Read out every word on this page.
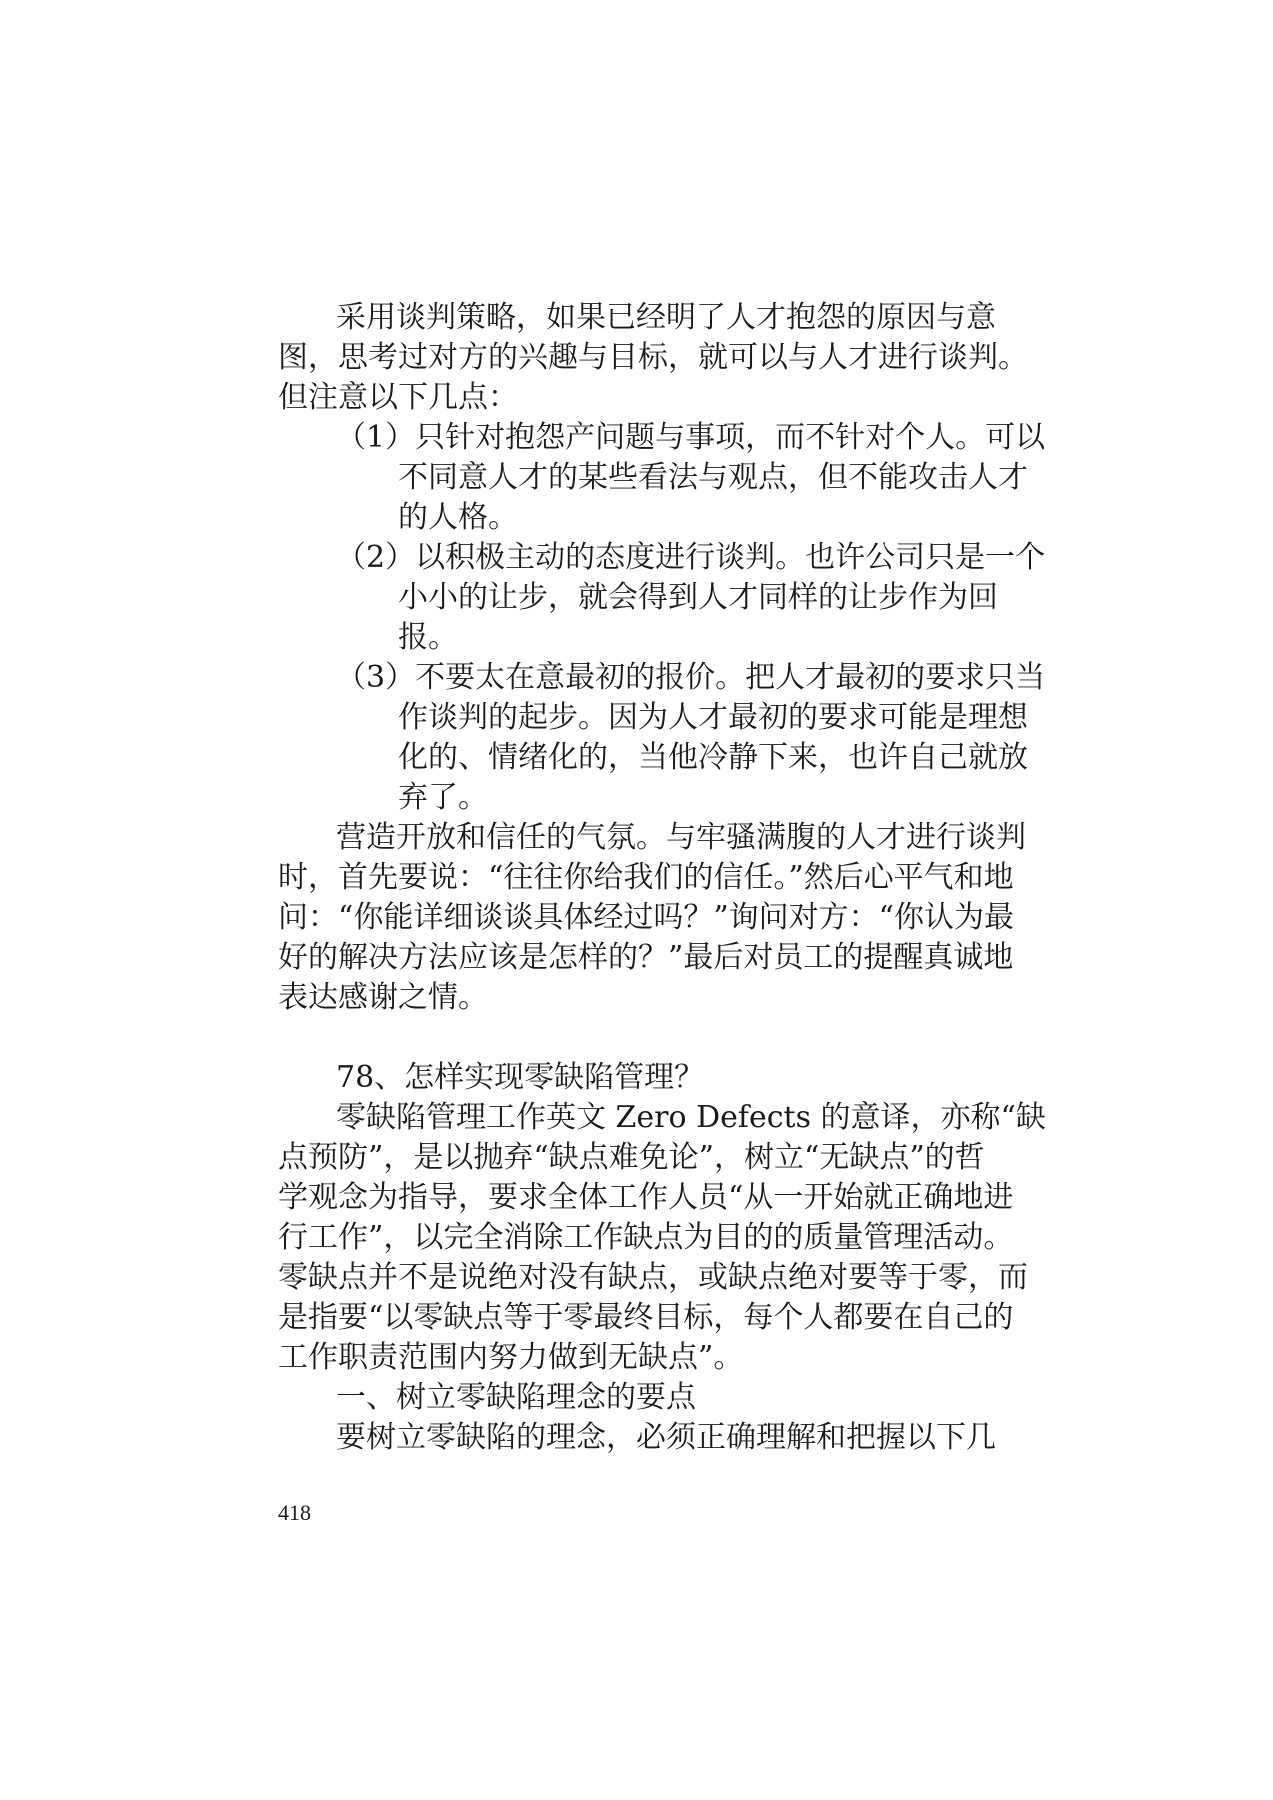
采用谈判策略，如果已经明了人才抱怨的原因与意
图，思考过对方的兴趣与目标，就可以与人才进行谈判。
但注意以下几点：
（1）只针对抱怨产问题与事项，而不针对个人。可以
不同意人才的某些看法与观点，但不能攻击人才
的人格。
（2）以积极主动的态度进行谈判。也许公司只是一个
小小的让步，就会得到人才同样的让步作为回
报。
（3）不要太在意最初的报价。把人才最初的要求只当
作谈判的起步。因为人才最初的要求可能是理想
化的、情绪化的，当他冷静下来，也许自己就放
弃了。
营造开放和信任的气氛。与牢骚满腹的人才进行谈判
时，首先要说：“往往你给我们的信任。”然后心平气和地
问：“你能详细谈谈具体经过吗？”询问对方：“你认为最
好的解决方法应该是怎样的？”最后对员工的提醒真诚地
表达感谢之情。
78、怎样实现零缺陷管理？
零缺陷管理工作英文 Zero Defects 的意译，亦称“缺
点预防”，是以抛弃“缺点难免论”，树立“无缺点”的哲
学观念为指导，要求全体工作人员“从一开始就正确地进
行工作”，以完全消除工作缺点为目的的质量管理活动。
零缺点并不是说绝对没有缺点，或缺点绝对要等于零，而
是指要“以零缺点等于零最终目标，每个人都要在自己的
工作职责范围内努力做到无缺点”。
一、树立零缺陷理念的要点
要树立零缺陷的理念，必须正确理解和把握以下几
418
